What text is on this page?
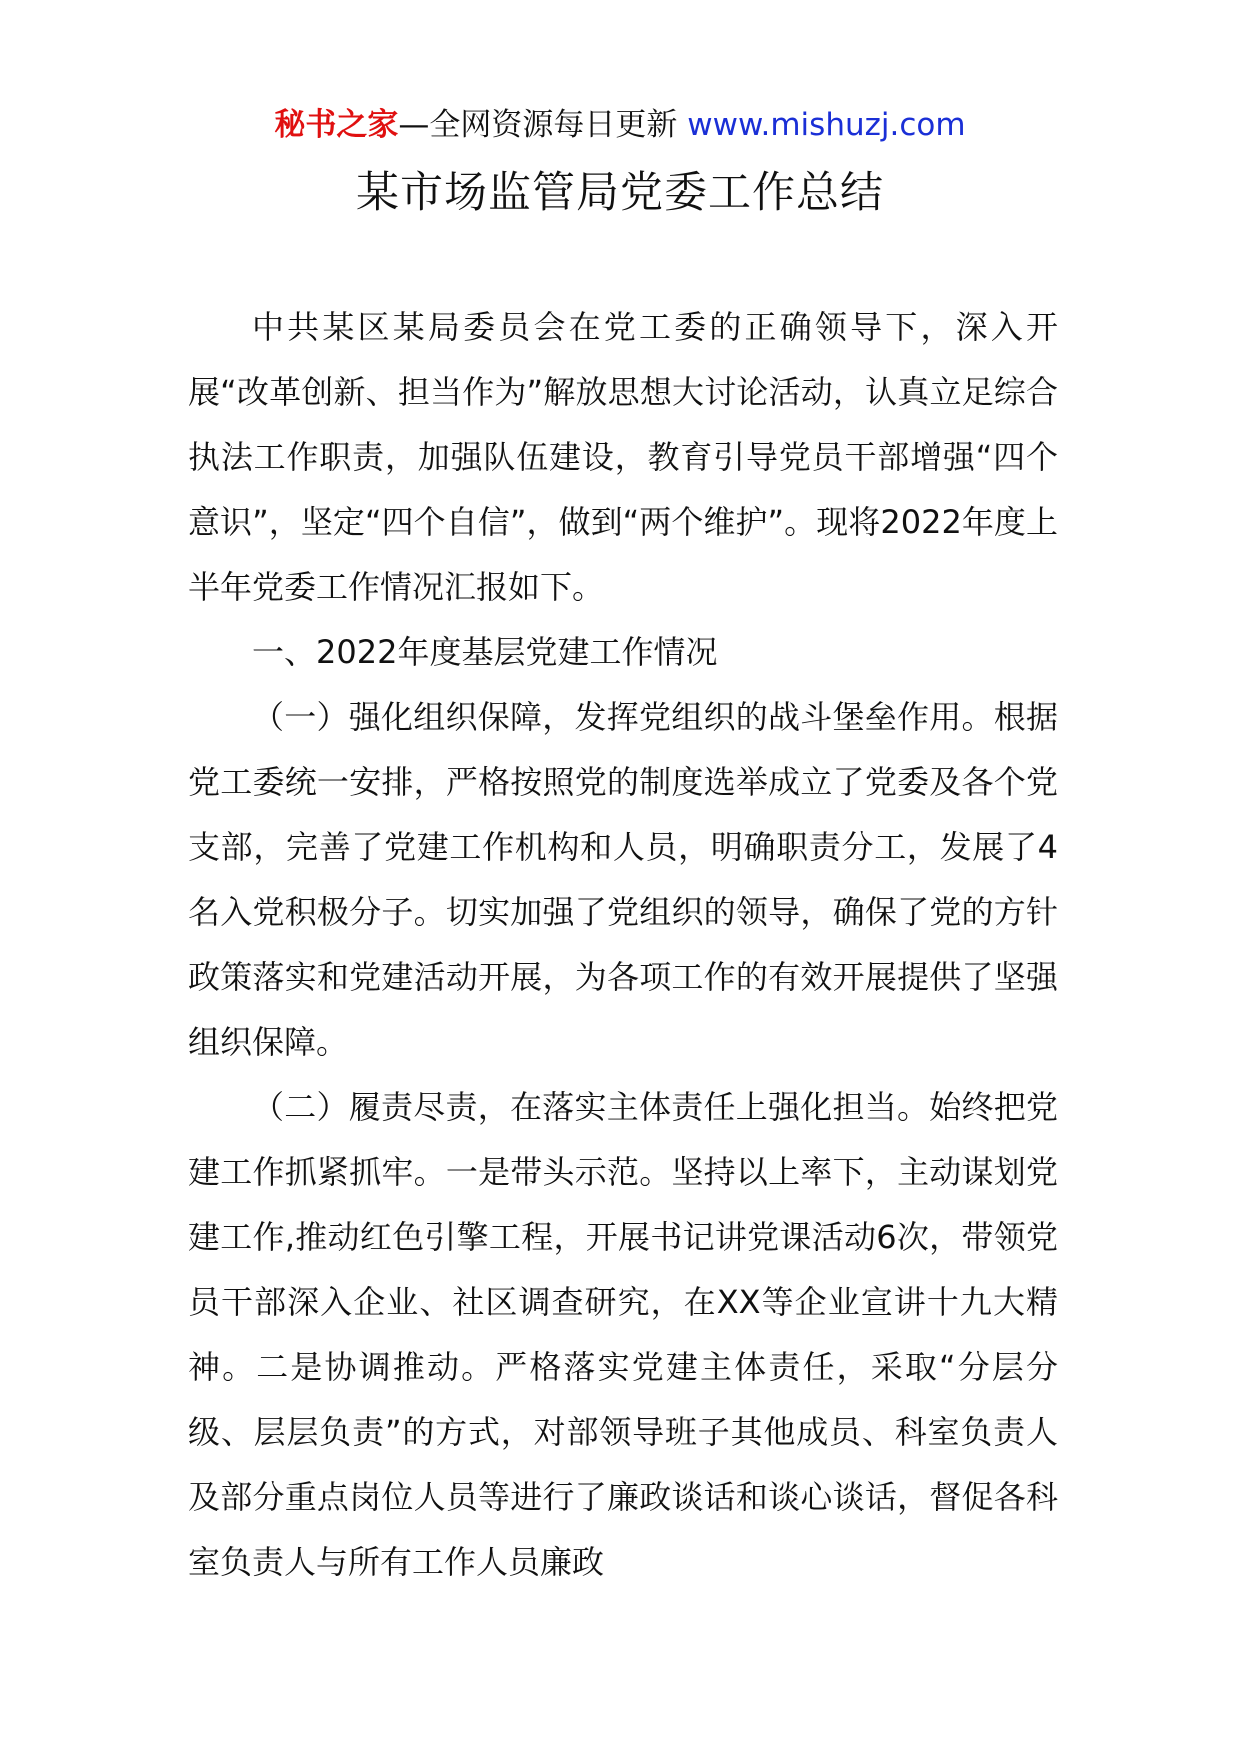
秘书之家—全网资源每日更新 www.mishuzj.com
某市场监管局党委工作总结

中共某区某局委员会在党工委的正确领导下，深入开展“改革创新、担当作为”解放思想大讨论活动，认真立足综合执法工作职责，加强队伍建设，教育引导党员干部增强“四个意识”，坚定“四个自信”，做到“两个维护”。现将2022年度上半年党委工作情况汇报如下。

一、2022年度基层党建工作情况

（一）强化组织保障，发挥党组织的战斗堡垒作用。根据党工委统一安排，严格按照党的制度选举成立了党委及各个党支部，完善了党建工作机构和人员，明确职责分工，发展了4名入党积极分子。切实加强了党组织的领导，确保了党的方针政策落实和党建活动开展，为各项工作的有效开展提供了坚强组织保障。

（二）履责尽责，在落实主体责任上强化担当。始终把党建工作抓紧抓牢。一是带头示范。坚持以上率下，主动谋划党建工作,推动红色引擎工程，开展书记讲党课活动6次，带领党员干部深入企业、社区调查研究，在XX等企业宣讲十九大精神。二是协调推动。严格落实党建主体责任，采取“分层分级、层层负责”的方式，对部领导班子其他成员、科室负责人及部分重点岗位人员等进行了廉政谈话和谈心谈话，督促各科室负责人与所有工作人员廉政
